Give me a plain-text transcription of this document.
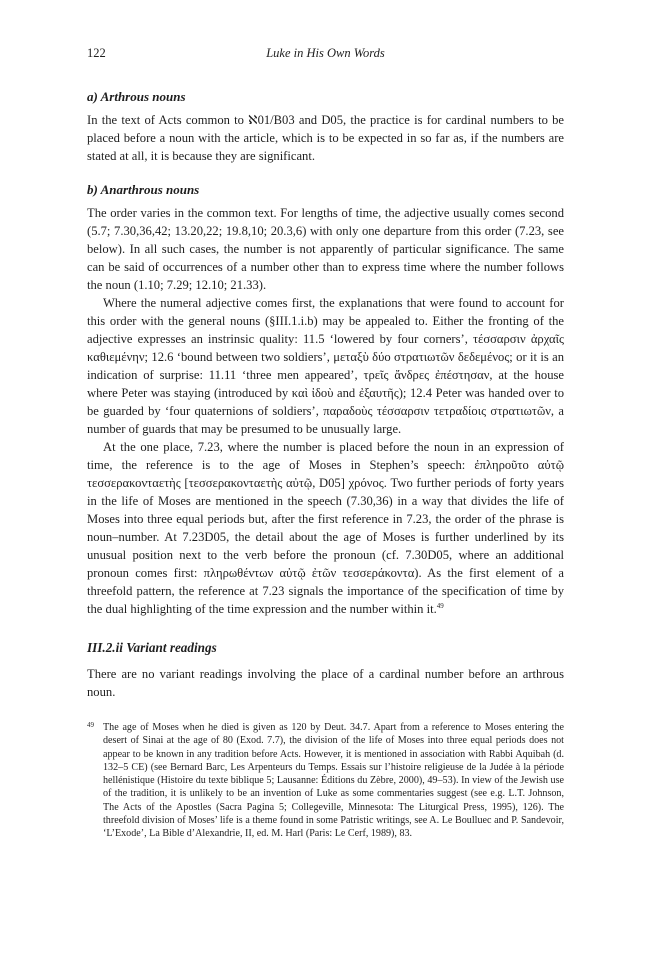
122	Luke in His Own Words
a) Arthrous nouns

In the text of Acts common to ℵ01/B03 and D05, the practice is for cardinal numbers to be placed before a noun with the article, which is to be expected in so far as, if the numbers are stated at all, it is because they are significant.

b) Anarthrous nouns

The order varies in the common text. For lengths of time, the adjective usually comes second (5.7; 7.30,36,42; 13.20,22; 19.8,10; 20.3,6) with only one departure from this order (7.23, see below). In all such cases, the number is not apparently of particular significance. The same can be said of occurrences of a number other than to express time where the number follows the noun (1.10; 7.29; 12.10; 21.33).

Where the numeral adjective comes first, the explanations that were found to account for this order with the general nouns (§III.1.i.b) may be appealed to. Either the fronting of the adjective expresses an instrinsic quality: 11.5 ‘lowered by four corners’, τέσσαρσιν ἀρχαῖς καθιεμένην; 12.6 ‘bound between two soldiers’, μεταξὺ δύο στρατιωτῶν δεδεμένος; or it is an indication of surprise: 11.11 ‘three men appeared’, τρεῖς ἄνδρες ἐπέστησαν, at the house where Peter was staying (introduced by καὶ ἰδοὺ and ἐξαυτῆς); 12.4 Peter was handed over to be guarded by ‘four quaternions of soldiers’, παραδοὺς τέσσαρσιν τετραδίοις στρατιωτῶν, a number of guards that may be presumed to be unusually large.

At the one place, 7.23, where the number is placed before the noun in an expression of time, the reference is to the age of Moses in Stephen’s speech: ἐπληροῦτο αὐτῷ τεσσερακονταετὴς [τεσσερακονταετὴς αὐτῷ, D05] χρόνος. Two further periods of forty years in the life of Moses are mentioned in the speech (7.30,36) in a way that divides the life of Moses into three equal periods but, after the first reference in 7.23, the order of the phrase is noun–number. At 7.23D05, the detail about the age of Moses is further underlined by its unusual position next to the verb before the pronoun (cf. 7.30D05, where an additional pronoun comes first: πληρωθέντων αὐτῷ ἐτῶν τεσσεράκοντα). As the first element of a threefold pattern, the reference at 7.23 signals the importance of the specification of time by the dual highlighting of the time expression and the number within it.$^{49}$

III.2.ii Variant readings

There are no variant readings involving the place of a cardinal number before an arthrous noun.

49 The age of Moses when he died is given as 120 by Deut. 34.7. Apart from a reference to Moses entering the desert of Sinai at the age of 80 (Exod. 7.7), the division of the life of Moses into three equal periods does not appear to be known in any tradition before Acts. However, it is mentioned in association with Rabbi Aquibah (d. 132–5 CE) (see Bernard Barc, Les Arpenteurs du Temps. Essais sur l’histoire religieuse de la Judée à la période hellénistique (Histoire du texte biblique 5; Lausanne: Éditions du Zèbre, 2000), 49–53). In view of the Jewish use of the tradition, it is unlikely to be an invention of Luke as some commentaries suggest (see e.g. L.T. Johnson, The Acts of the Apostles (Sacra Pagina 5; Collegeville, Minnesota: The Liturgical Press, 1995), 126). The threefold division of Moses’ life is a theme found in some Patristic writings, see A. Le Boulluec and P. Sandevoir, ‘L’Exode’, La Bible d’Alexandrie, II, ed. M. Harl (Paris: Le Cerf, 1989), 83.
